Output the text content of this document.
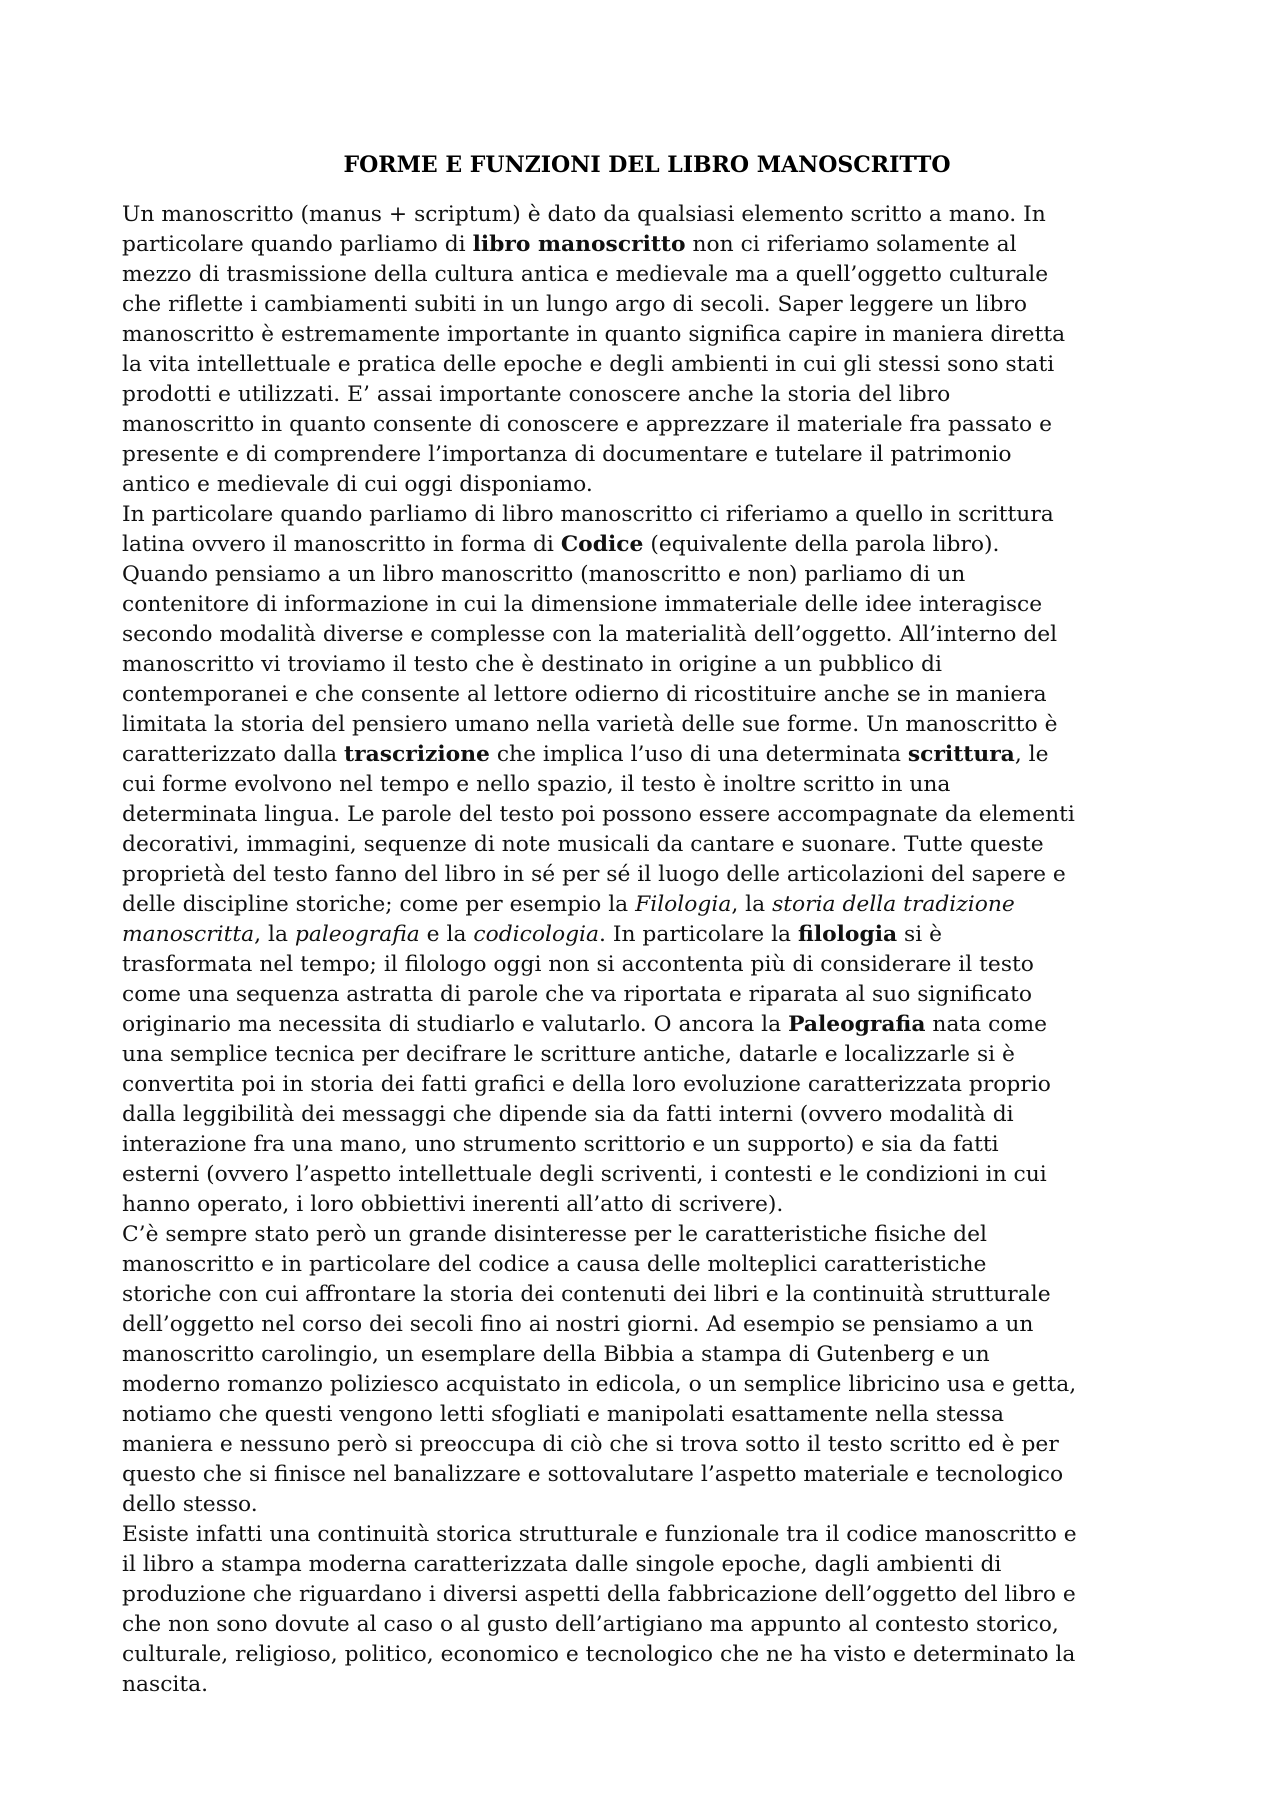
FORME E FUNZIONI DEL LIBRO MANOSCRITTO

Un manoscritto (manus + scriptum) è dato da qualsiasi elemento scritto a mano. In
particolare quando parliamo di libro manoscritto non ci riferiamo solamente al
mezzo di trasmissione della cultura antica e medievale ma a quell’oggetto culturale
che riflette i cambiamenti subiti in un lungo argo di secoli. Saper leggere un libro
manoscritto è estremamente importante in quanto significa capire in maniera diretta
la vita intellettuale e pratica delle epoche e degli ambienti in cui gli stessi sono stati
prodotti e utilizzati. E’ assai importante conoscere anche la storia del libro
manoscritto in quanto consente di conoscere e apprezzare il materiale fra passato e
presente e di comprendere l’importanza di documentare e tutelare il patrimonio
antico e medievale di cui oggi disponiamo.

In particolare quando parliamo di libro manoscritto ci riferiamo a quello in scrittura
latina ovvero il manoscritto in forma di Codice (equivalente della parola libro).
Quando pensiamo a un libro manoscritto (manoscritto e non) parliamo di un
contenitore di informazione in cui la dimensione immateriale delle idee interagisce
secondo modalità diverse e complesse con la materialità dell’oggetto. All’interno del
manoscritto vi troviamo il testo che è destinato in origine a un pubblico di
contemporanei e che consente al lettore odierno di ricostituire anche se in maniera
limitata la storia del pensiero umano nella varietà delle sue forme. Un manoscritto è
caratterizzato dalla trascrizione che implica l’uso di una determinata scrittura, le
cui forme evolvono nel tempo e nello spazio, il testo è inoltre scritto in una
determinata lingua. Le parole del testo poi possono essere accompagnate da elementi
decorativi, immagini, sequenze di note musicali da cantare e suonare. Tutte queste
proprietà del testo fanno del libro in sé per sé il luogo delle articolazioni del sapere e
delle discipline storiche; come per esempio la Filologia, la storia della tradizione
manoscritta, la paleografia e la codicologia. In particolare la filologia si è
trasformata nel tempo; il filologo oggi non si accontenta più di considerare il testo
come una sequenza astratta di parole che va riportata e riparata al suo significato
originario ma necessita di studiarlo e valutarlo. O ancora la Paleografia nata come
una semplice tecnica per decifrare le scritture antiche, datarle e localizzarle si è
convertita poi in storia dei fatti grafici e della loro evoluzione caratterizzata proprio
dalla leggibilità dei messaggi che dipende sia da fatti interni (ovvero modalità di
interazione fra una mano, uno strumento scrittorio e un supporto) e sia da fatti
esterni (ovvero l’aspetto intellettuale degli scriventi, i contesti e le condizioni in cui
hanno operato, i loro obbiettivi inerenti all’atto di scrivere).

C’è sempre stato però un grande disinteresse per le caratteristiche fisiche del
manoscritto e in particolare del codice a causa delle molteplici caratteristiche
storiche con cui affrontare la storia dei contenuti dei libri e la continuità strutturale
dell’oggetto nel corso dei secoli fino ai nostri giorni. Ad esempio se pensiamo a un
manoscritto carolingio, un esemplare della Bibbia a stampa di Gutenberg e un
moderno romanzo poliziesco acquistato in edicola, o un semplice libricino usa e getta,
notiamo che questi vengono letti sfogliati e manipolati esattamente nella stessa
maniera e nessuno però si preoccupa di ciò che si trova sotto il testo scritto ed è per
questo che si finisce nel banalizzare e sottovalutare l’aspetto materiale e tecnologico
dello stesso.

Esiste infatti una continuità storica strutturale e funzionale tra il codice manoscritto e
il libro a stampa moderna caratterizzata dalle singole epoche, dagli ambienti di
produzione che riguardano i diversi aspetti della fabbricazione dell’oggetto del libro e
che non sono dovute al caso o al gusto dell’artigiano ma appunto al contesto storico,
culturale, religioso, politico, economico e tecnologico che ne ha visto e determinato la
nascita.
